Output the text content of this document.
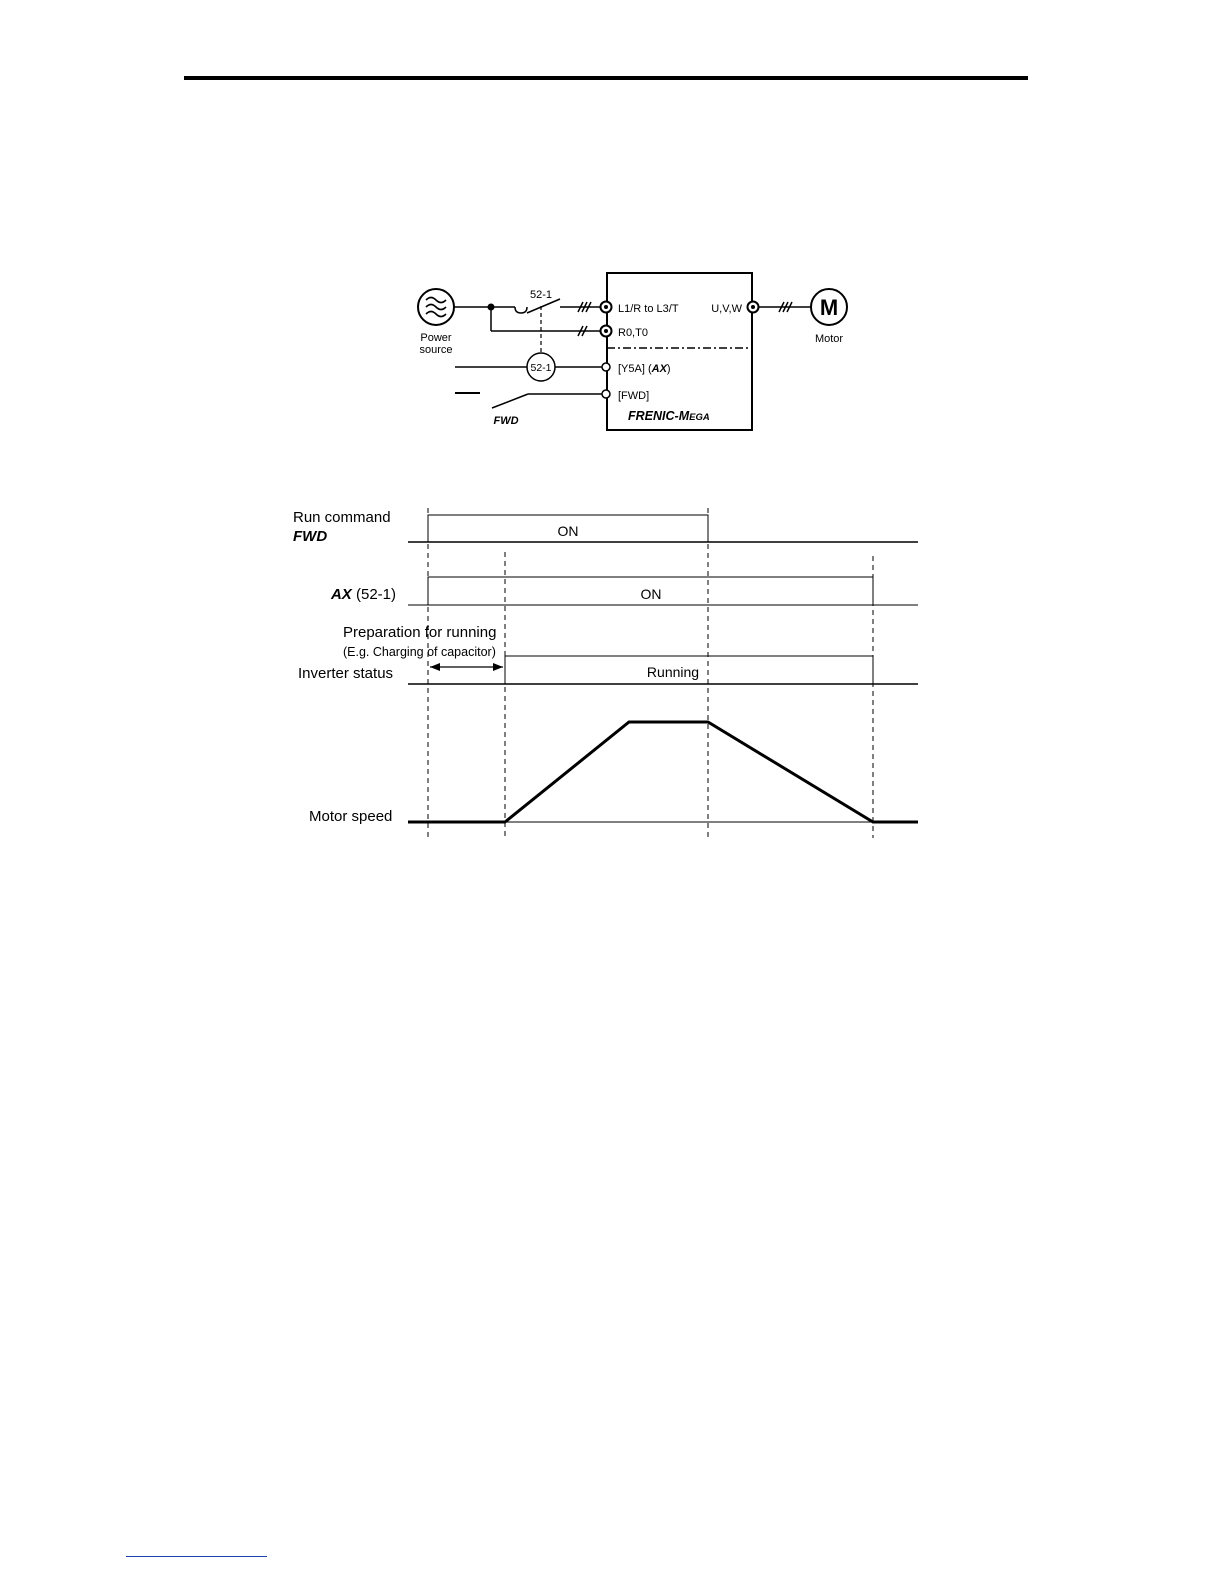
Power
source
52-1
L1/R to L3/T
R0,T0
52-1	[Y5A] (AX)
[FWD]
FWD	FRENIC-MEGA
U,V,W	M
Motor
ON
ON
Running
Run command
FWD
AX (52-1)
Preparation for running
(E.g. Charging of capacitor)
Inverter status
Motor speed
